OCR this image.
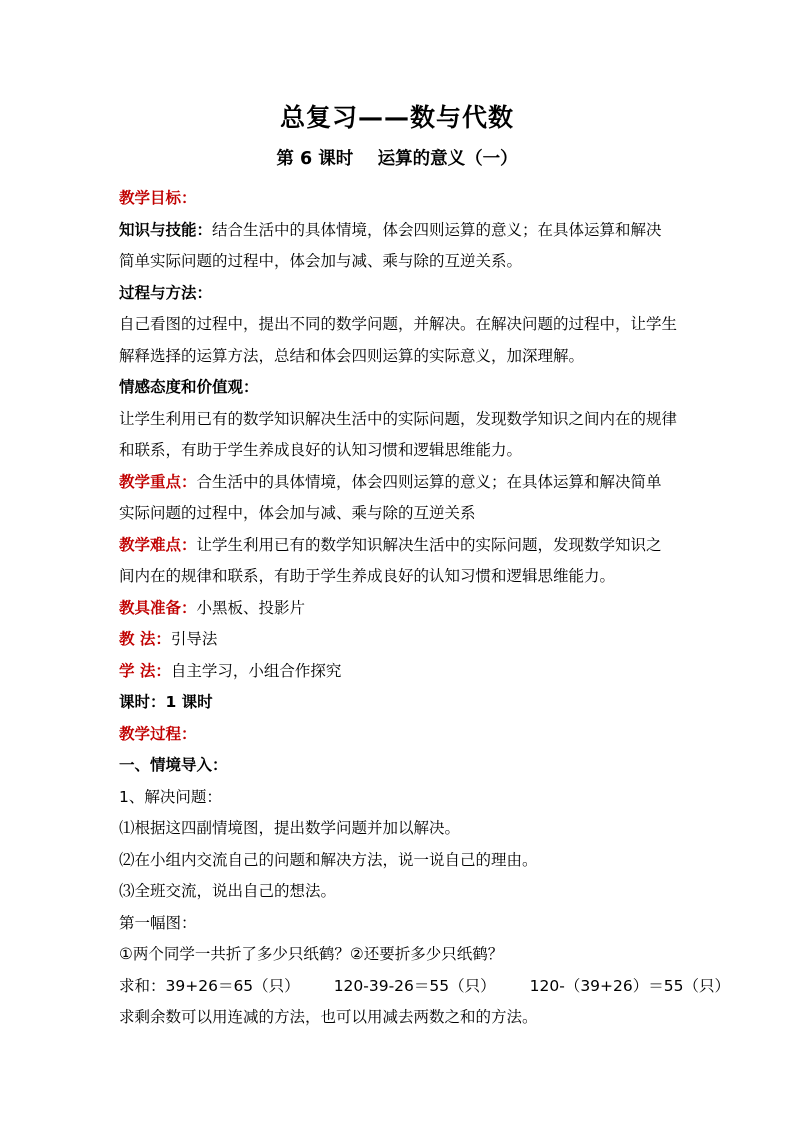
总复习——数与代数
第 6 课时    运算的意义（一）

教学目标：

知识与技能：结合生活中的具体情境，体会四则运算的意义；在具体运算和解决简单实际问题的过程中，体会加与减、乘与除的互逆关系。

过程与方法：

自己看图的过程中，提出不同的数学问题，并解决。在解决问题的过程中，让学生解释选择的运算方法，总结和体会四则运算的实际意义，加深理解。

情感态度和价值观：

让学生利用已有的数学知识解决生活中的实际问题，发现数学知识之间内在的规律和联系，有助于学生养成良好的认知习惯和逻辑思维能力。

教学重点：合生活中的具体情境，体会四则运算的意义；在具体运算和解决简单实际问题的过程中，体会加与减、乘与除的互逆关系

教学难点：让学生利用已有的数学知识解决生活中的实际问题，发现数学知识之间内在的规律和联系，有助于学生养成良好的认知习惯和逻辑思维能力。

教具准备：小黑板、投影片

教 法：引导法

学 法：自主学习，小组合作探究

课时：1 课时

教学过程：

一、情境导入：

1、解决问题：

⑴根据这四副情境图，提出数学问题并加以解决。

⑵在小组内交流自己的问题和解决方法，说一说自己的理由。

⑶全班交流，说出自己的想法。

第一幅图：

①两个同学一共折了多少只纸鹤？②还要折多少只纸鹤？

求和：39+26＝65（只） 120-39-26＝55（只） 120-（39+26）＝55（只）

求剩余数可以用连减的方法，也可以用减去两数之和的方法。
